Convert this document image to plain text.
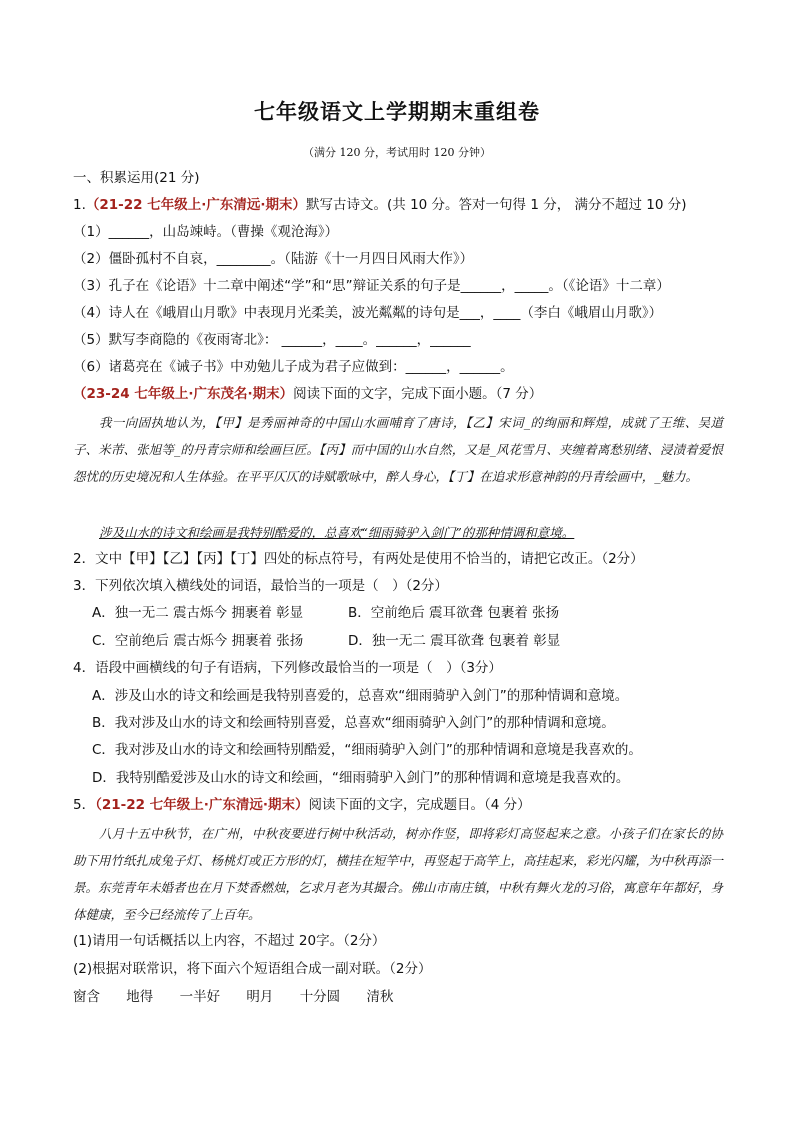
七年级语文上学期期末重组卷
（满分 120 分，考试用时 120 分钟）
一、积累运用(21 分)
1.（21-22 七年级上·广东清远·期末）默写古诗文。(共 10 分。答对一句得 1 分， 满分不超过 10 分)
（1）______，山岛竦峙。（曹操《观沧海》）
（2）僵卧孤村不自哀，________。（陆游《十一月四日风雨大作》）
（3）孔子在《论语》十二章中阐述“学”和“思”辩证关系的句子是______，_____。（《论语》十二章）
（4）诗人在《峨眉山月歌》中表现月光柔美，波光粼粼的诗句是___，____（李白《峨眉山月歌》）
（5）默写李商隐的《夜雨寄北》： ______，____。______，______
（6）诸葛亮在《诫子书》中劝勉儿子成为君子应做到：______，______。
（23-24 七年级上·广东茂名·期末）阅读下面的文字，完成下面小题。（7 分）
我一向固执地认为，【甲】是秀丽神奇的中国山水画哺育了唐诗，【乙】宋词_的绚丽和辉煌，成就了王维、吴道子、米芾、张旭等_的丹青宗师和绘画巨匠。【丙】而中国的山水自然，又是_风花雪月、夹缠着离愁别绪、浸渍着爱恨怨忧的历史境况和人生体验。在平平仄仄的诗赋歌咏中，醉人身心，【丁】在追求形意神韵的丹青绘画中，_魅力。
涉及山水的诗文和绘画是我特别酷爱的，总喜欢“细雨骑驴入剑门”的那种情调和意境。
2．文中【甲】【乙】【丙】【丁】四处的标点符号，有两处是使用不恰当的，请把它改正。（2分）
3．下列依次填入横线处的词语，最恰当的一项是（　）（2分）
A．独一无二 震古烁今 拥裹着 彰显	B．空前绝后 震耳欲聋 包裹着 张扬
C．空前绝后 震古烁今 拥裹着 张扬	D．独一无二 震耳欲聋 包裹着 彰显
4．语段中画横线的句子有语病，下列修改最恰当的一项是（　）（3分）
A．涉及山水的诗文和绘画是我特别喜爱的，总喜欢“细雨骑驴入剑门”的那种情调和意境。
B．我对涉及山水的诗文和绘画特别喜爱，总喜欢“细雨骑驴入剑门”的那种情调和意境。
C．我对涉及山水的诗文和绘画特别酷爱，“细雨骑驴入剑门”的那种情调和意境是我喜欢的。
D．我特别酷爱涉及山水的诗文和绘画，“细雨骑驴入剑门”的那种情调和意境是我喜欢的。
5．（21-22 七年级上·广东清远·期末）阅读下面的文字，完成题目。（4 分）
八月十五中秋节，在广州，中秋夜要进行树中秋活动，树亦作竖，即将彩灯高竖起来之意。小孩子们在家长的协助下用竹纸扎成兔子灯、杨桃灯或正方形的灯，横挂在短竿中，再竖起于高竿上，高挂起来，彩光闪耀，为中秋再添一景。东莞青年未婚者也在月下焚香燃烛，乞求月老为其撮合。佛山市南庄镇，中秋有舞火龙的习俗，寓意年年都好，身体健康，至今已经流传了上百年。
(1)请用一句话概括以上内容，不超过 20字。（2分）
(2)根据对联常识，将下面六个短语组合成一副对联。（2分）
窗含 地得 一半好 明月 十分圆 清秋
